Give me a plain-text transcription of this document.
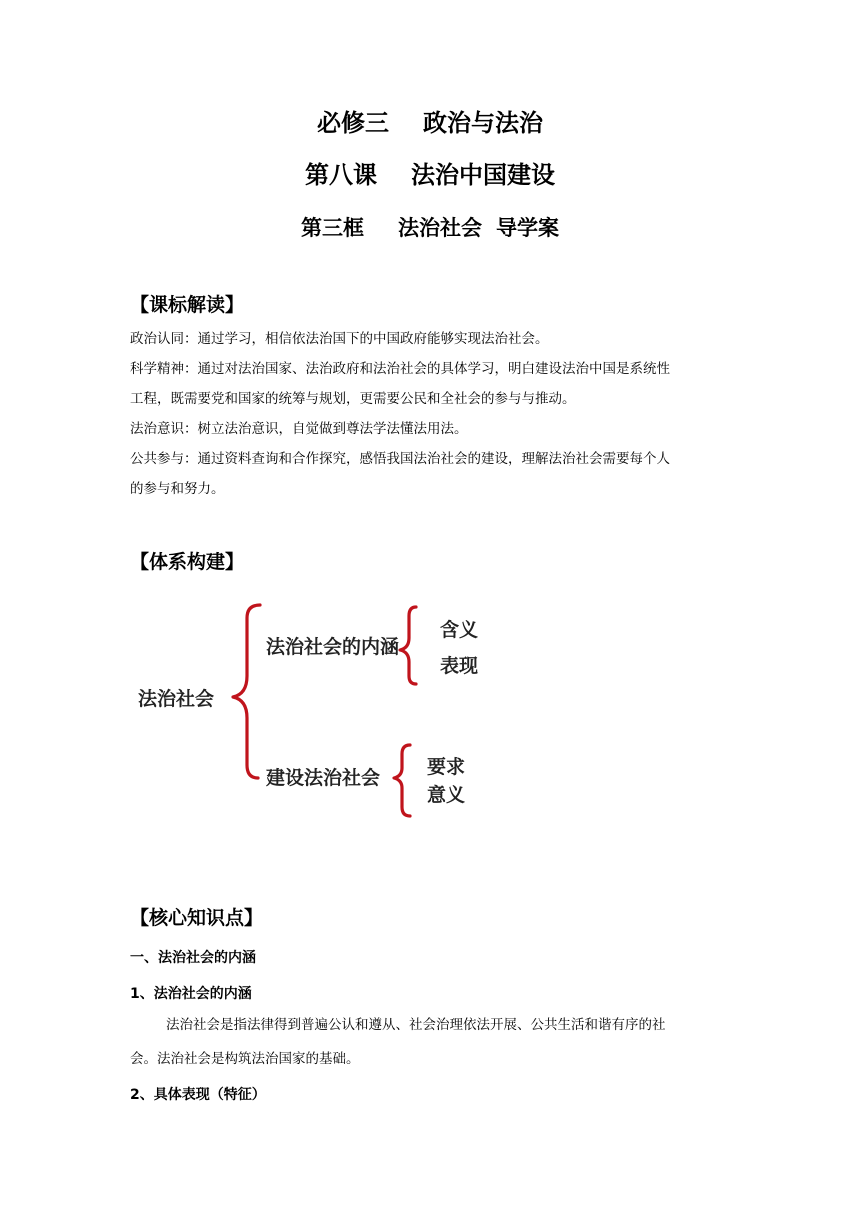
必修三 政治与法治
第八课 法治中国建设
第三框 法治社会 导学案
【课标解读】
政治认同：通过学习，相信依法治国下的中国政府能够实现法治社会。
科学精神：通过对法治国家、法治政府和法治社会的具体学习，明白建设法治中国是系统性
工程，既需要党和国家的统筹与规划，更需要公民和全社会的参与与推动。
法治意识：树立法治意识，自觉做到尊法学法懂法用法。
公共参与：通过资料查询和合作探究，感悟我国法治社会的建设，理解法治社会需要每个人
的参与和努力。
【体系构建】
法治社会
法治社会的内涵
含义
表现
建设法治社会 要求
意义
【核心知识点】
一、法治社会的内涵
1、法治社会的内涵
法治社会是指法律得到普遍公认和遵从、社会治理依法开展、公共生活和谐有序的社
会。法治社会是构筑法治国家的基础。
2、具体表现（特征）
